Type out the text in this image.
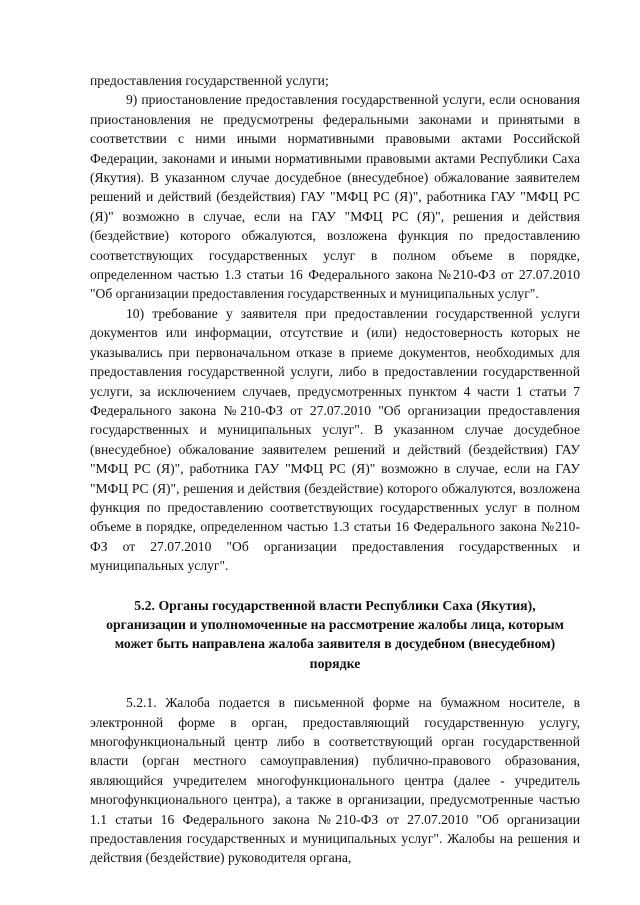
предоставления государственной услуги;

9) приостановление предоставления государственной услуги, если основания приостановления не предусмотрены федеральными законами и принятыми в соответствии с ними иными нормативными правовыми актами Российской Федерации, законами и иными нормативными правовыми актами Республики Саха (Якутия). В указанном случае досудебное (внесудебное) обжалование заявителем решений и действий (бездействия) ГАУ "МФЦ РС (Я)", работника ГАУ "МФЦ РС (Я)" возможно в случае, если на ГАУ "МФЦ РС (Я)", решения и действия (бездействие) которого обжалуются, возложена функция по предоставлению соответствующих государственных услуг в полном объеме в порядке, определенном частью 1.3 статьи 16 Федерального закона №210-ФЗ от 27.07.2010 "Об организации предоставления государственных и муниципальных услуг".

10) требование у заявителя при предоставлении государственной услуги документов или информации, отсутствие и (или) недостоверность которых не указывались при первоначальном отказе в приеме документов, необходимых для предоставления государственной услуги, либо в предоставлении государственной услуги, за исключением случаев, предусмотренных пунктом 4 части 1 статьи 7 Федерального закона №210-ФЗ от 27.07.2010 "Об организации предоставления государственных и муниципальных услуг". В указанном случае досудебное (внесудебное) обжалование заявителем решений и действий (бездействия) ГАУ "МФЦ РС (Я)", работника ГАУ "МФЦ РС (Я)" возможно в случае, если на ГАУ "МФЦ РС (Я)", решения и действия (бездействие) которого обжалуются, возложена функция по предоставлению соответствующих государственных услуг в полном объеме в порядке, определенном частью 1.3 статьи 16 Федерального закона №210-ФЗ от 27.07.2010 "Об организации предоставления государственных и муниципальных услуг".

5.2. Органы государственной власти Республики Саха (Якутия), организации и уполномоченные на рассмотрение жалобы лица, которым может быть направлена жалоба заявителя в досудебном (внесудебном) порядке

5.2.1. Жалоба подается в письменной форме на бумажном носителе, в электронной форме в орган, предоставляющий государственную услугу, многофункциональный центр либо в соответствующий орган государственной власти (орган местного самоуправления) публично-правового образования, являющийся учредителем многофункционального центра (далее - учредитель многофункционального центра), а также в организации, предусмотренные частью 1.1 статьи 16 Федерального закона №210-ФЗ от 27.07.2010 "Об организации предоставления государственных и муниципальных услуг". Жалобы на решения и действия (бездействие) руководителя органа,
